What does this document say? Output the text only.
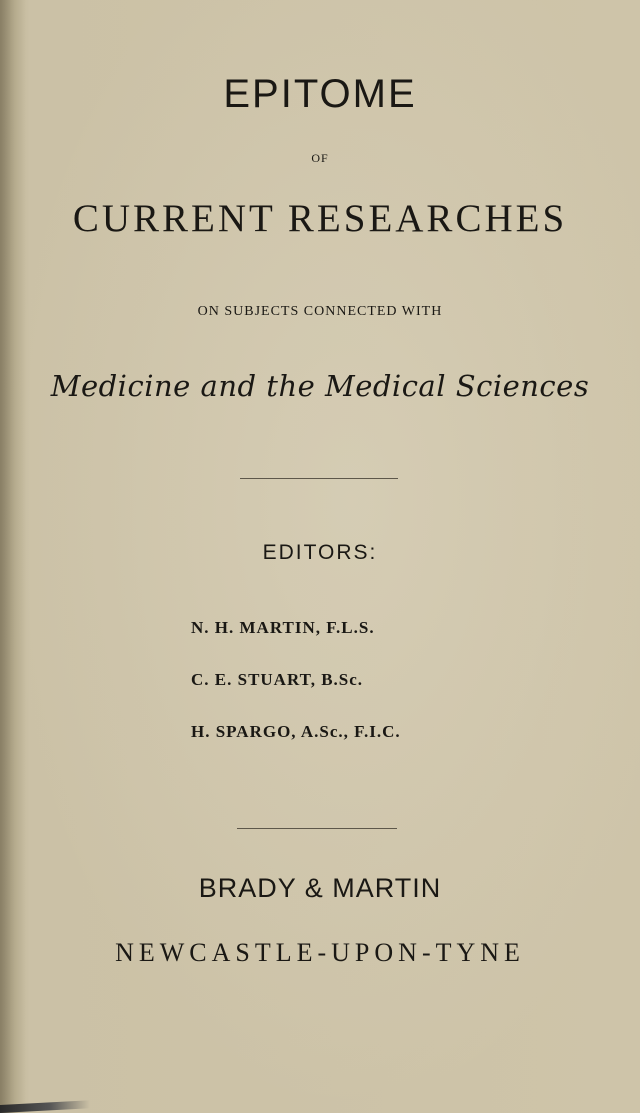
EPITOME
OF
CURRENT RESEARCHES
ON SUBJECTS CONNECTED WITH
Medicine and the Medical Sciences
EDITORS:
N. H. MARTIN, F.L.S.
C. E. STUART, B.Sc.
H. SPARGO, A.Sc., F.I.C.
BRADY & MARTIN
NEWCASTLE-UPON-TYNE
